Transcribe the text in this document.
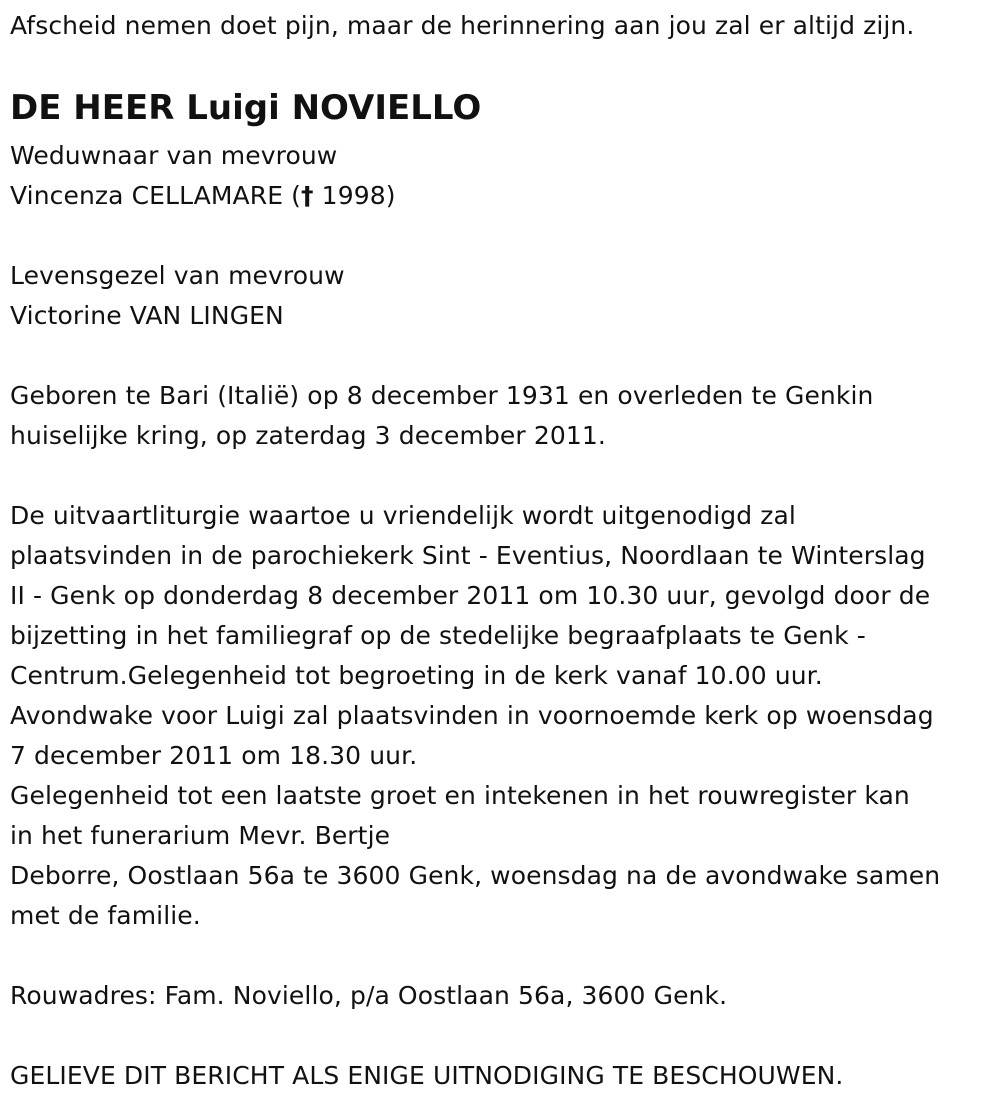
Afscheid nemen doet pijn, maar de herinnering aan jou zal er altijd zijn.
DE HEER Luigi NOVIELLO
Weduwnaar van mevrouw
Vincenza CELLAMARE († 1998)
Levensgezel van mevrouw
Victorine VAN LINGEN
Geboren te Bari (Italië) op 8 december 1931 en overleden te Genkin
huiselijke kring, op zaterdag 3 december 2011.
De uitvaartliturgie waartoe u vriendelijk wordt uitgenodigd zal
plaatsvinden in de parochiekerk Sint - Eventius, Noordlaan te Winterslag
II - Genk op donderdag 8 december 2011 om 10.30 uur, gevolgd door de
bijzetting in het familiegraf op de stedelijke begraafplaats te Genk -
Centrum.Gelegenheid tot begroeting in de kerk vanaf 10.00 uur.
Avondwake voor Luigi zal plaatsvinden in voornoemde kerk op woensdag
7 december 2011 om 18.30 uur.
Gelegenheid tot een laatste groet en intekenen in het rouwregister kan
in het funerarium Mevr. Bertje
Deborre, Oostlaan 56a te 3600 Genk, woensdag na de avondwake samen
met de familie.
Rouwadres: Fam. Noviello, p/a Oostlaan 56a, 3600 Genk.
GELIEVE DIT BERICHT ALS ENIGE UITNODIGING TE BESCHOUWEN.
